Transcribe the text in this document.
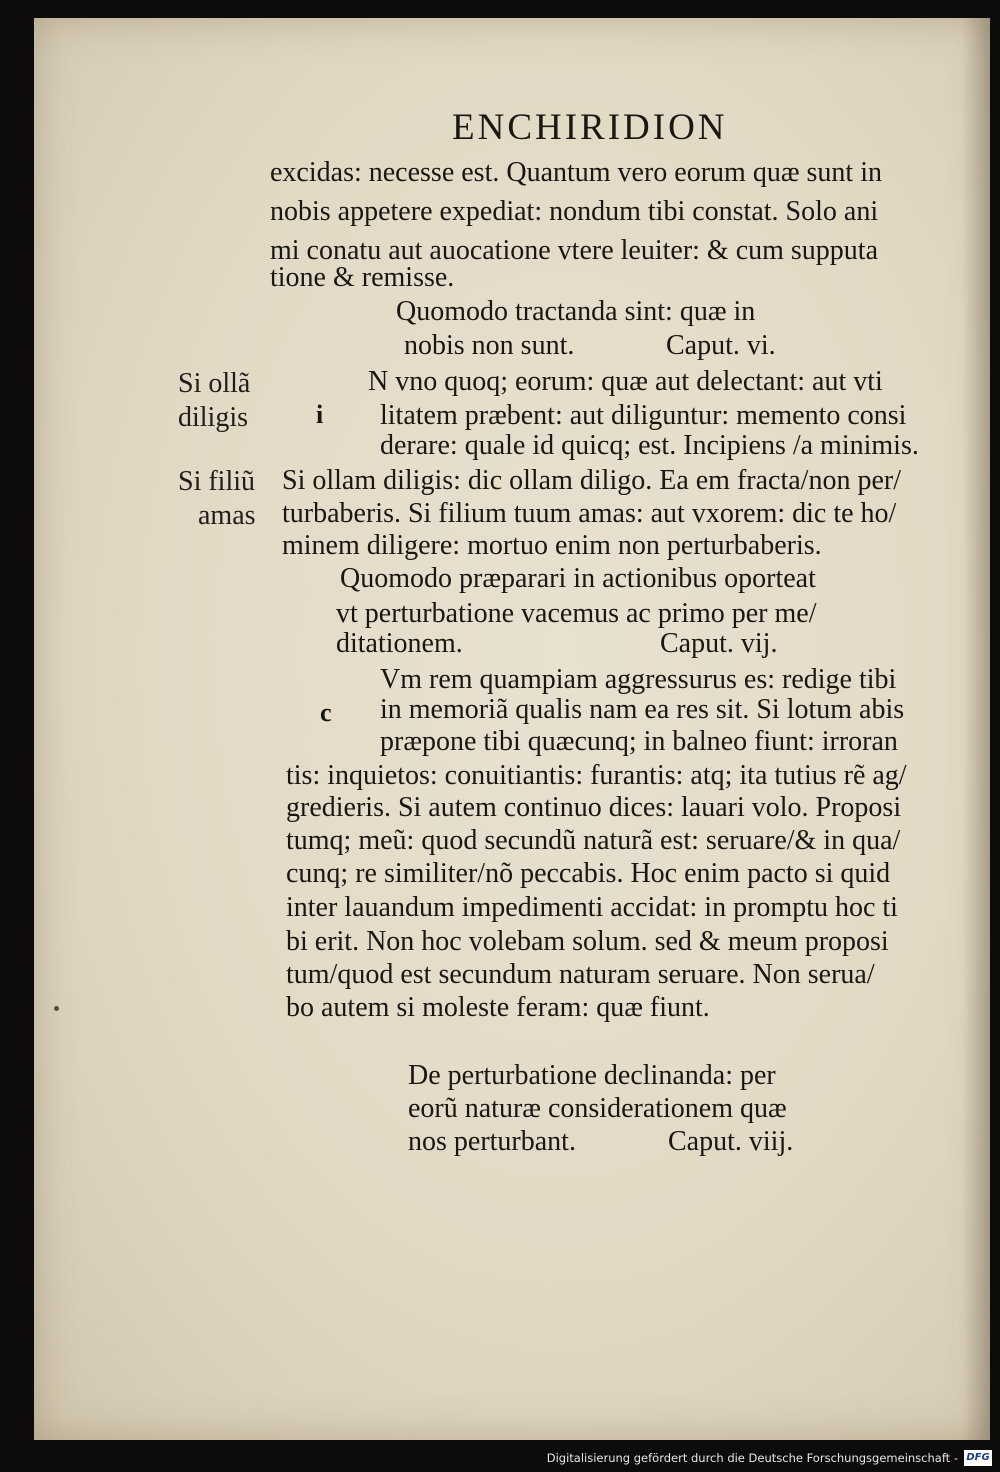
ENCHIRIDION
excidas: necesse est. Quantum vero eorum quæ sunt in
nobis appetere expediat: nondum tibi constat. Solo ani
mi conatu aut auocatione vtere leuiter: & cum supputa
tione & remisse.
Quomodo tractanda sint: quæ in
nobis non sunt.	Caput. vi.
N vno quoq; eorum: quæ aut delectant: aut vti
litatem præbent: aut diliguntur: memento consi
derare: quale id quicq; est. Incipiens /a minimis.
Si ollam diligis: dic ollam diligo. Ea em fracta/non per/
turbaberis. Si filium tuum amas: aut vxorem: dic te ho/
minem diligere: mortuo enim non perturbaberis.
Quomodo præparari in actionibus oporteat
vt perturbatione vacemus ac primo per me/
ditationem.	Caput. vij.
Vm rem quampiam aggressurus es: redige tibi
in memoriã qualis nam ea res sit. Si lotum abis
præpone tibi quæcunq; in balneo fiunt: irroran
tis: inquietos: conuitiantis: furantis: atq; ita tutius rẽ ag/
gredieris. Si autem continuo dices: lauari volo. Proposi
tumq; meũ: quod secundũ naturã est: seruare/& in qua/
cunq; re similiter/nõ peccabis. Hoc enim pacto si quid
inter lauandum impedimenti accidat: in promptu hoc ti
bi erit. Non hoc volebam solum. sed & meum proposi
tum/quod est secundum naturam seruare. Non serua/
bo autem si moleste feram: quæ fiunt.
De perturbatione declinanda: per
eorũ naturæ considerationem quæ
nos perturbant.	Caput. viij.
i
c
Si ollã
diligis
Si filiũ
amas
Digitalisierung gefördert durch die Deutsche Forschungsgemeinschaft - DFG
